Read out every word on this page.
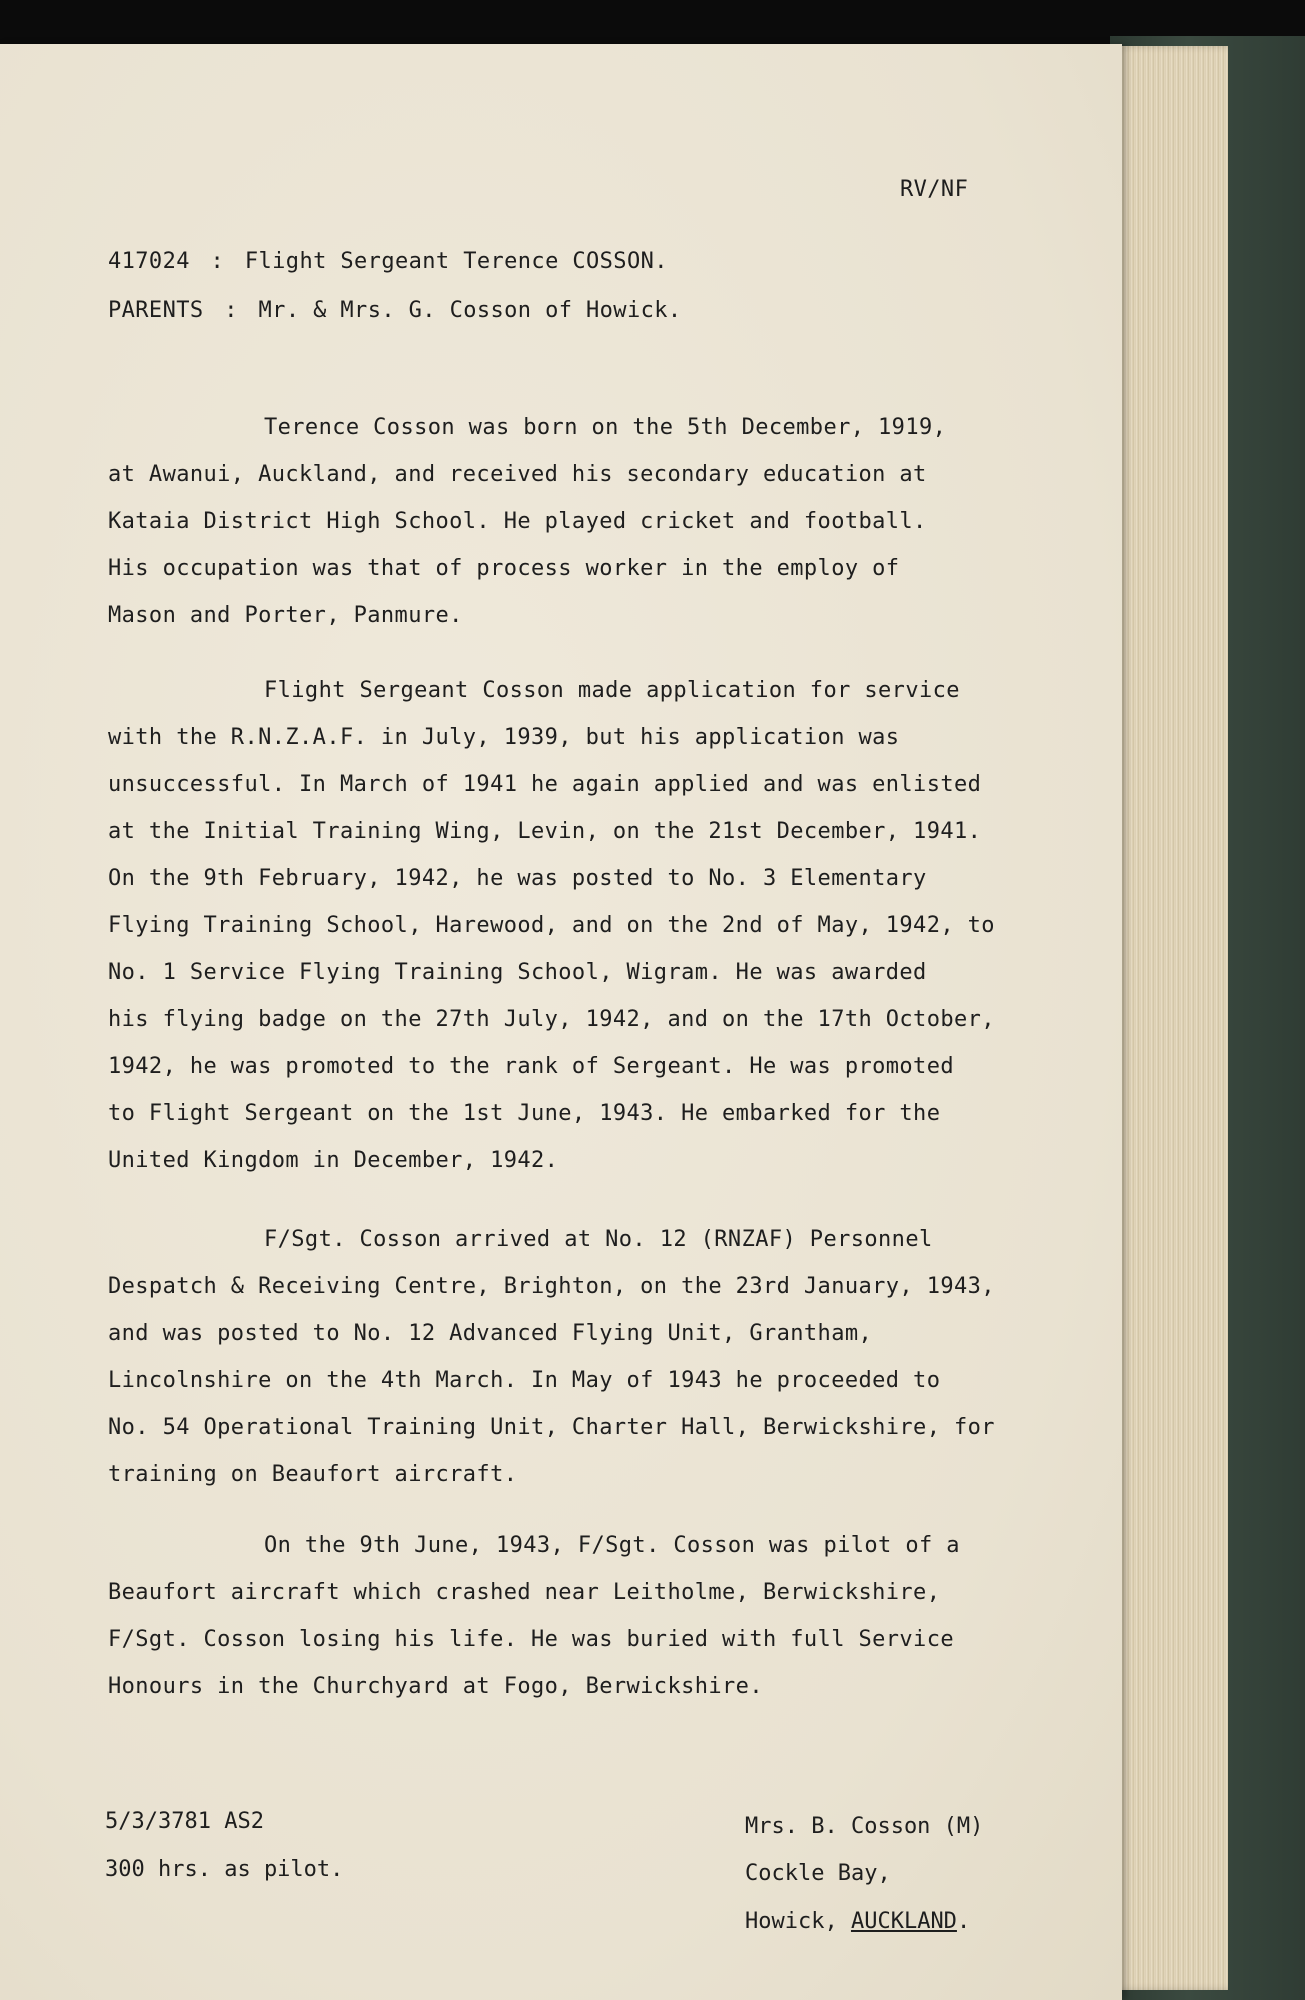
RV/NF
417024 : Flight Sergeant Terence COSSON.
PARENTS : Mr. & Mrs. G. Cosson of Howick.
Terence Cosson was born on the 5th December, 1919,
at Awanui, Auckland, and received his secondary education at
Kataia District High School. He played cricket and football.
His occupation was that of process worker in the employ of
Mason and Porter, Panmure.
Flight Sergeant Cosson made application for service
with the R.N.Z.A.F. in July, 1939, but his application was
unsuccessful. In March of 1941 he again applied and was enlisted
at the Initial Training Wing, Levin, on the 21st December, 1941.
On the 9th February, 1942, he was posted to No. 3 Elementary
Flying Training School, Harewood, and on the 2nd of May, 1942, to
No. 1 Service Flying Training School, Wigram. He was awarded
his flying badge on the 27th July, 1942, and on the 17th October,
1942, he was promoted to the rank of Sergeant. He was promoted
to Flight Sergeant on the 1st June, 1943. He embarked for the
United Kingdom in December, 1942.
F/Sgt. Cosson arrived at No. 12 (RNZAF) Personnel
Despatch & Receiving Centre, Brighton, on the 23rd January, 1943,
and was posted to No. 12 Advanced Flying Unit, Grantham,
Lincolnshire on the 4th March. In May of 1943 he proceeded to
No. 54 Operational Training Unit, Charter Hall, Berwickshire, for
training on Beaufort aircraft.
On the 9th June, 1943, F/Sgt. Cosson was pilot of a
Beaufort aircraft which crashed near Leitholme, Berwickshire,
F/Sgt. Cosson losing his life. He was buried with full Service
Honours in the Churchyard at Fogo, Berwickshire.
5/3/3781 AS2
300 hrs. as pilot.
Mrs. B. Cosson (M)
Cockle Bay,
Howick, AUCKLAND.
